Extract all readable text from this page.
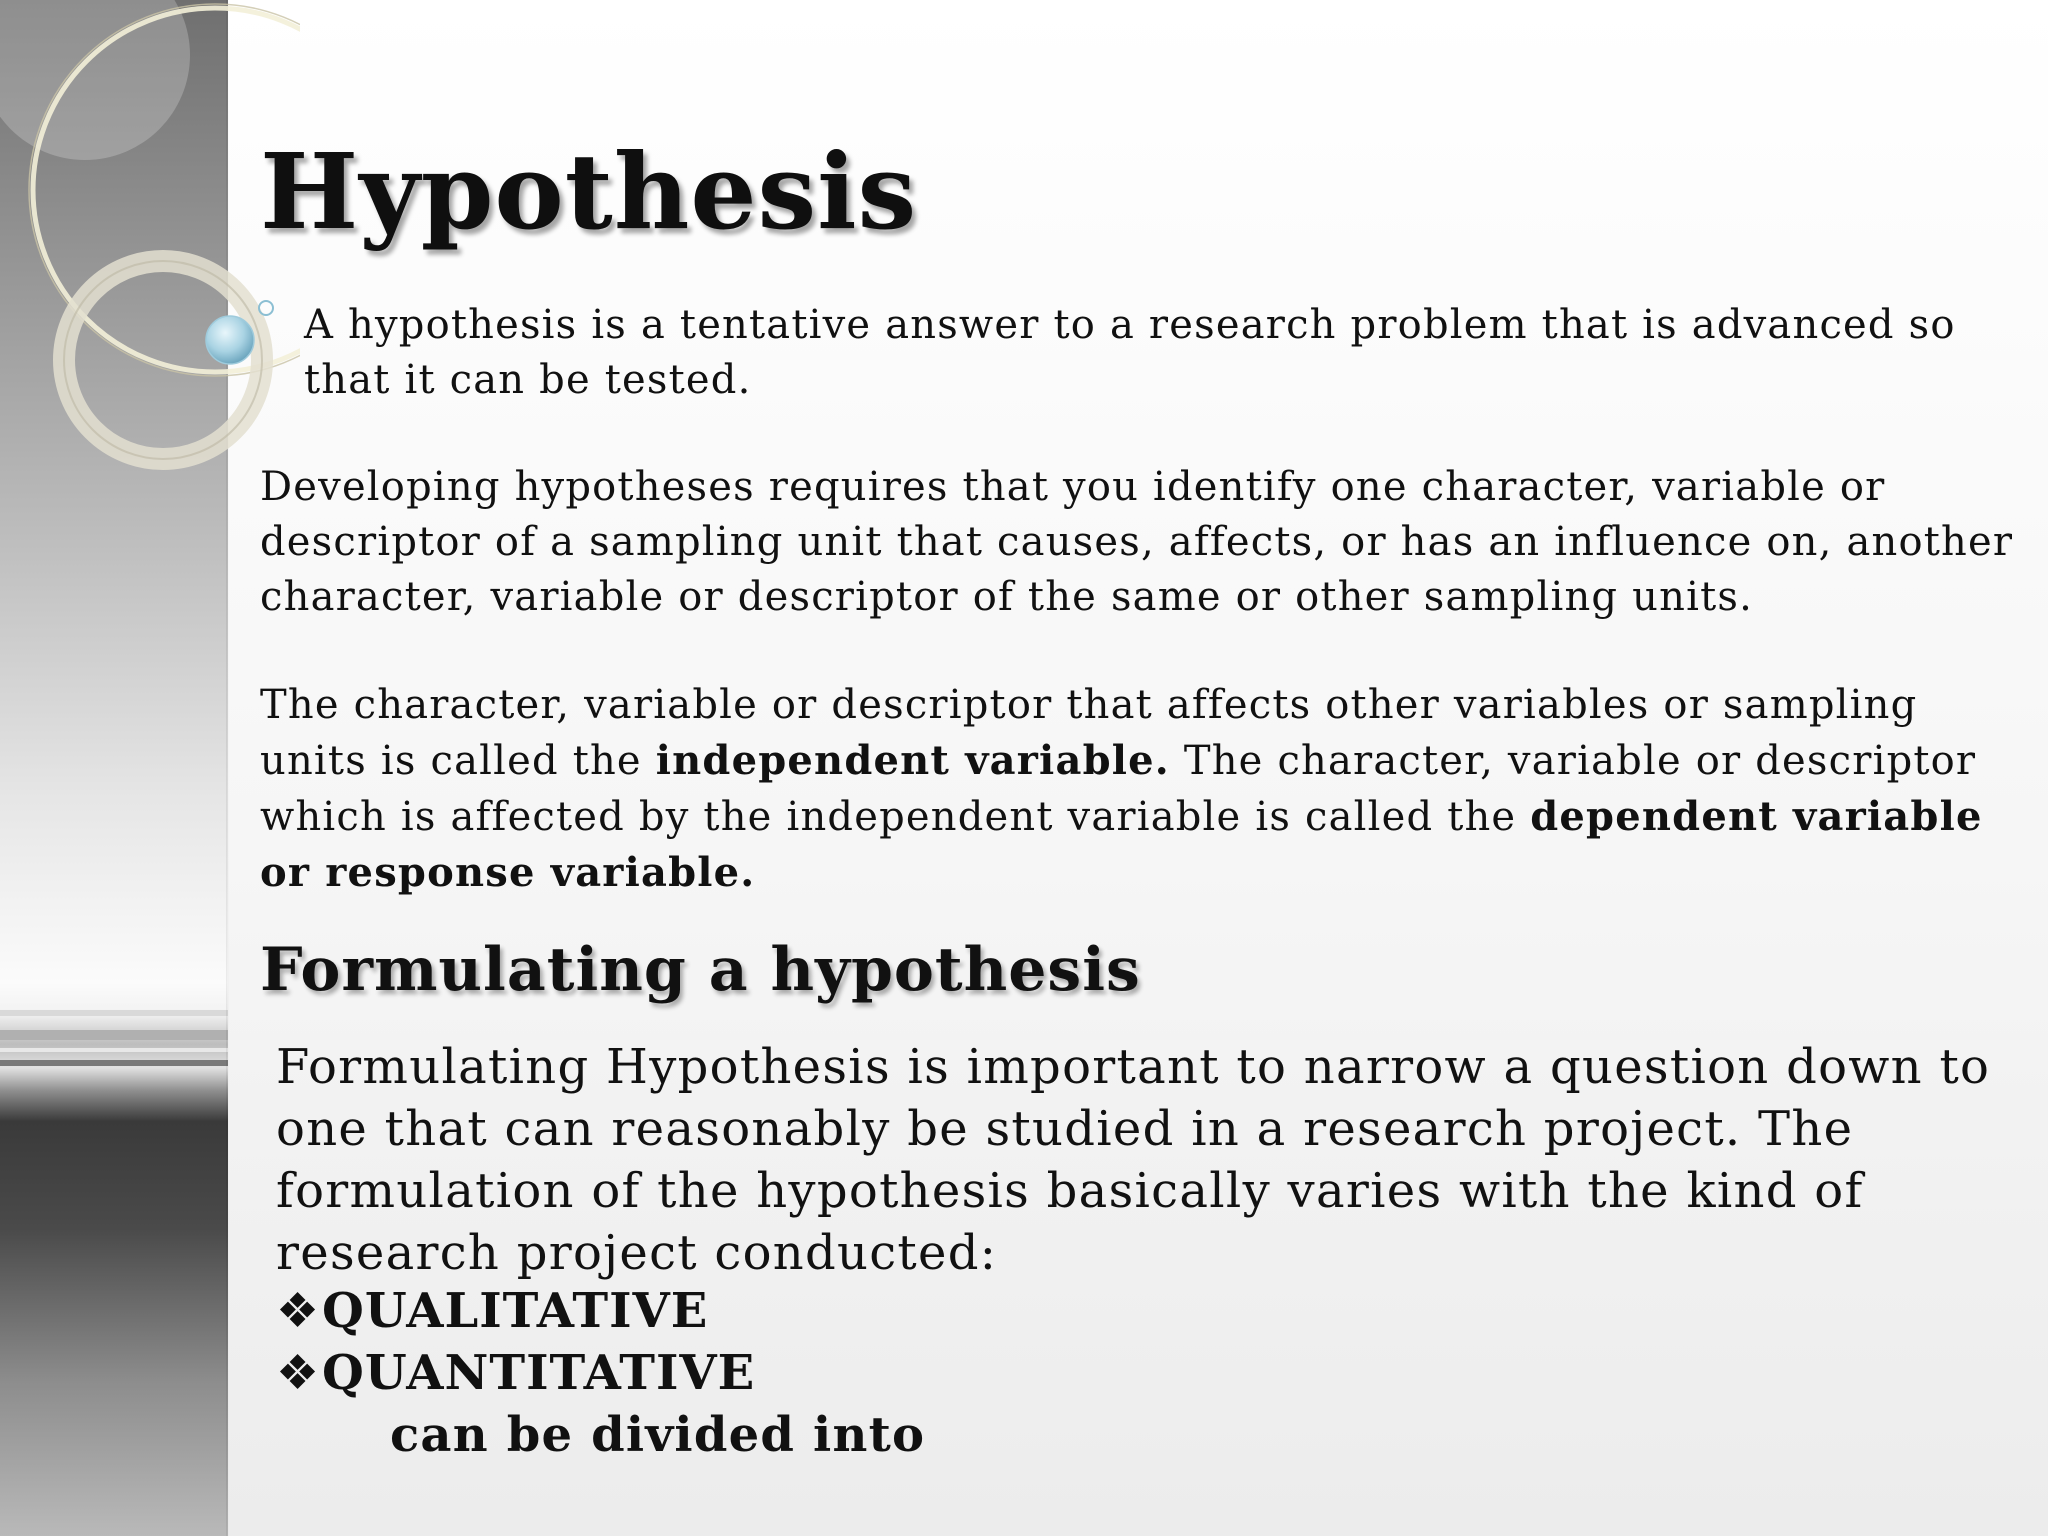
Hypothesis

A hypothesis is a tentative answer to a research problem that is advanced so that it can be tested.

Developing hypotheses requires that you identify one character, variable or descriptor of a sampling unit that causes, affects, or has an influence on, another character, variable or descriptor of the same or other sampling units.

The character, variable or descriptor that affects other variables or sampling units is called the independent variable. The character, variable or descriptor which is affected by the independent variable is called the dependent variable or response variable.

Formulating a hypothesis

Formulating Hypothesis is important to narrow a question down to one that can reasonably be studied in a research project. The formulation of the hypothesis basically varies with the kind of research project conducted:

❖QUALITATIVE
❖QUANTITATIVE
can be divided into
